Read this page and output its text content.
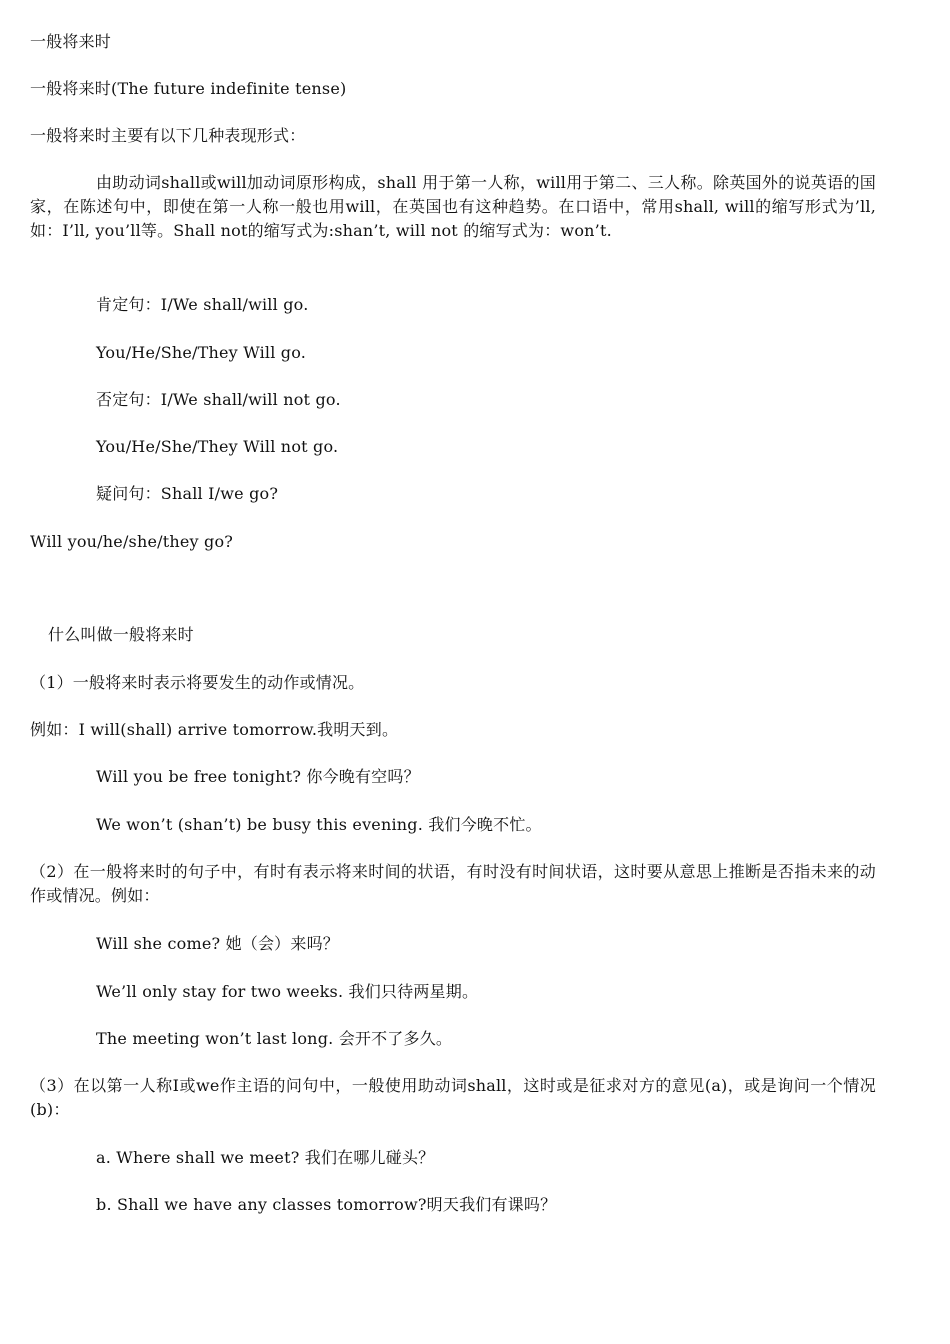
一般将来时
一般将来时(The future indefinite tense)
一般将来时主要有以下几种表现形式：
由助动词shall或will加动词原形构成，shall 用于第一人称，will用于第二、三人称。除英国外的说英语的国家，在陈述句中，即使在第一人称一般也用will，在英国也有这种趋势。在口语中，常用shall, will的缩写形式为’ll, 如：I’ll, you’ll等。Shall not的缩写式为:shan’t, will not 的缩写式为：won’t.
肯定句：I/We shall/will go.
You/He/She/They Will go.
否定句：I/We shall/will not go.
You/He/She/They Will not go.
疑问句：Shall I/we go?
Will you/he/she/they go?
什么叫做一般将来时
（1）一般将来时表示将要发生的动作或情况。
例如：I will(shall) arrive tomorrow.我明天到。
Will you be free tonight? 你今晚有空吗？
We won’t (shan’t) be busy this evening. 我们今晚不忙。
（2）在一般将来时的句子中，有时有表示将来时间的状语，有时没有时间状语，这时要从意思上推断是否指未来的动作或情况。例如：
Will she come? 她（会）来吗？
We’ll only stay for two weeks. 我们只待两星期。
The meeting won’t last long. 会开不了多久。
（3）在以第一人称I或we作主语的问句中，一般使用助动词shall，这时或是征求对方的意见(a)，或是询问一个情况(b)：
a. Where shall we meet? 我们在哪儿碰头？
b. Shall we have any classes tomorrow?明天我们有课吗？
